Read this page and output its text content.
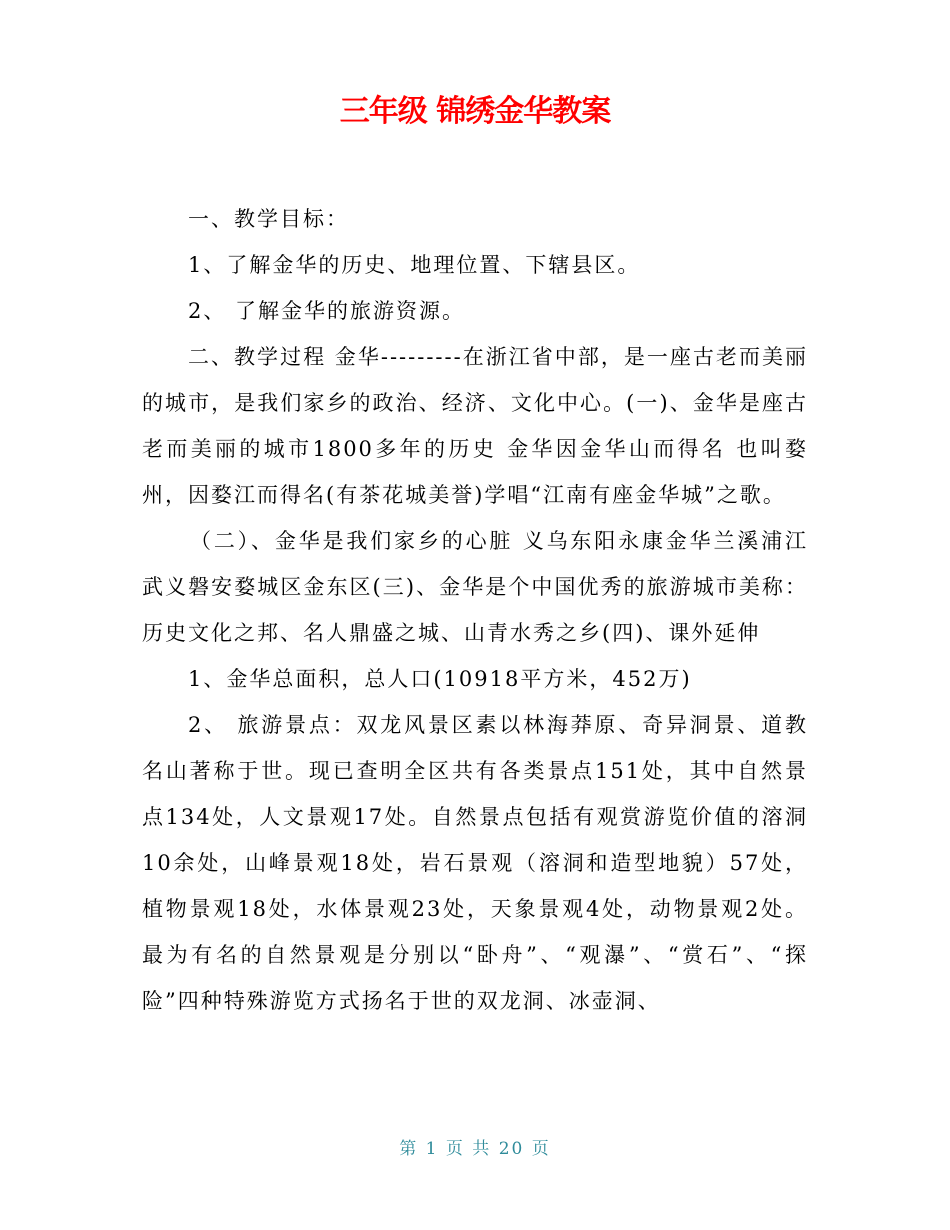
三年级 锦绣金华教案

一、教学目标：

1、了解金华的历史、地理位置、下辖县区。

2、 了解金华的旅游资源。

二、教学过程 金华---------在浙江省中部，是一座古老而美丽的城市，是我们家乡的政治、经济、文化中心。(一)、金华是座古老而美丽的城市1800多年的历史 金华因金华山而得名 也叫婺州，因婺江而得名(有茶花城美誉)学唱“江南有座金华城”之歌。

（二）、金华是我们家乡的心脏 义乌东阳永康金华兰溪浦江武义磐安婺城区金东区(三)、金华是个中国优秀的旅游城市美称：历史文化之邦、名人鼎盛之城、山青水秀之乡(四)、课外延伸

1、金华总面积，总人口(10918平方米，452万)

2、 旅游景点：双龙风景区素以林海莽原、奇异洞景、道教名山著称于世。现已查明全区共有各类景点151处，其中自然景点134处，人文景观17处。自然景点包括有观赏游览价值的溶洞10余处，山峰景观18处，岩石景观（溶洞和造型地貌）57处，植物景观18处，水体景观23处，天象景观4处，动物景观2处。最为有名的自然景观是分别以“卧舟”、“观瀑”、“赏石”、“探险”四种特殊游览方式扬名于世的双龙洞、冰壶洞、

第 1 页 共 20 页
